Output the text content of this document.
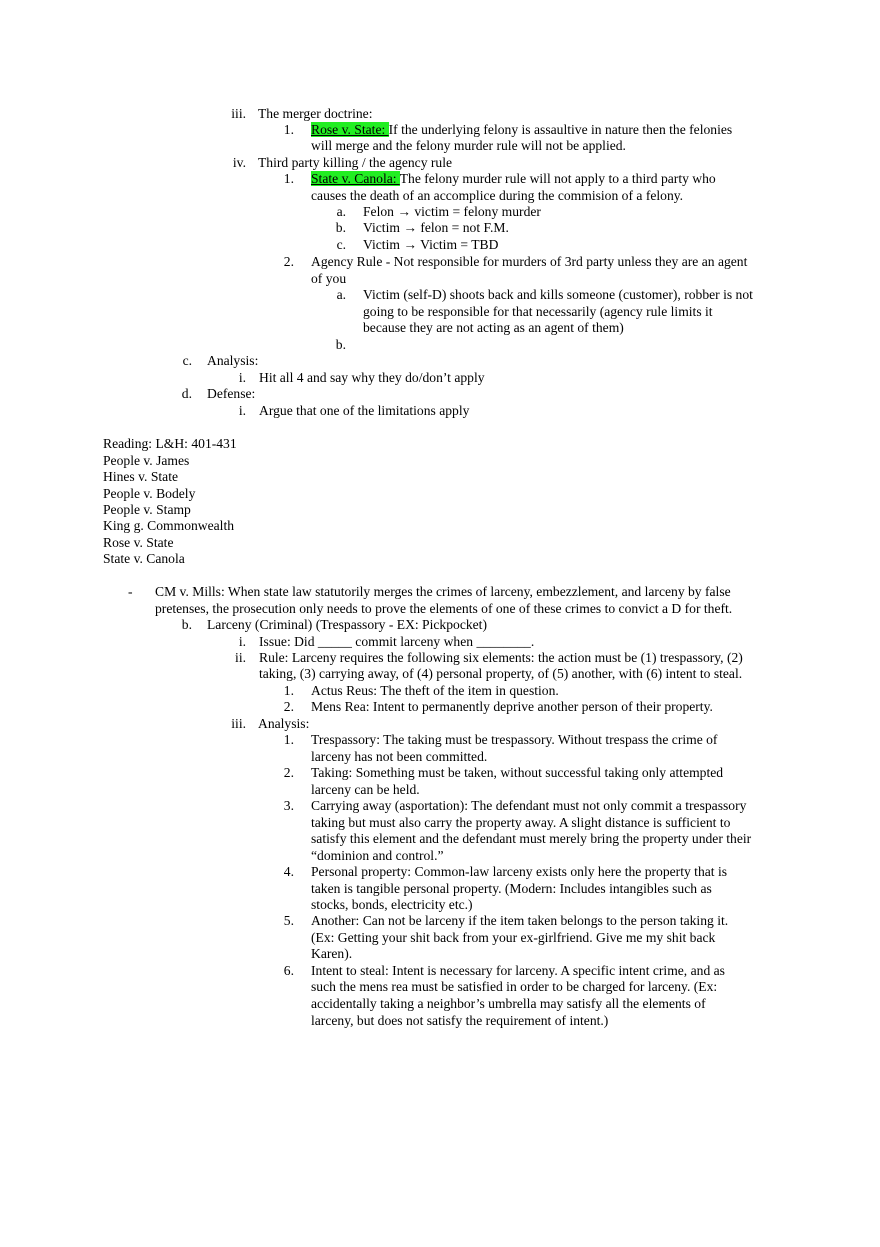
iii. The merger doctrine:
1. Rose v. State: If the underlying felony is assaultive in nature then the felonies
will merge and the felony murder rule will not be applied.
iv. Third party killing / the agency rule
1. State v. Canola: The felony murder rule will not apply to a third party who
causes the death of an accomplice during the commision of a felony.
a. Felon → victim = felony murder
b. Victim → felon = not F.M.
c. Victim → Victim = TBD
2. Agency Rule - Not responsible for murders of 3rd party unless they are an agent
of you
a. Victim (self-D) shoots back and kills someone (customer), robber is not
going to be responsible for that necessarily (agency rule limits it
because they are not acting as an agent of them)
b.
c. Analysis:
i. Hit all 4 and say why they do/don’t apply
d. Defense:
i. Argue that one of the limitations apply
Reading: L&H: 401-431
People v. James
Hines v. State
People v. Bodely
People v. Stamp
King g. Commonwealth
Rose v. State
State v. Canola
- CM v. Mills: When state law statutorily merges the crimes of larceny, embezzlement, and larceny by false
pretenses, the prosecution only needs to prove the elements of one of these crimes to convict a D for theft.
b. Larceny (Criminal) (Trespassory - EX: Pickpocket)
i. Issue: Did _____ commit larceny when ________.
ii. Rule: Larceny requires the following six elements: the action must be (1) trespassory, (2)
taking, (3) carrying away, of (4) personal property, of (5) another, with (6) intent to steal.
1. Actus Reus: The theft of the item in question.
2. Mens Rea: Intent to permanently deprive another person of their property.
iii. Analysis:
1. Trespassory: The taking must be trespassory. Without trespass the crime of
larceny has not been committed.
2. Taking: Something must be taken, without successful taking only attempted
larceny can be held.
3. Carrying away (asportation): The defendant must not only commit a trespassory
taking but must also carry the property away. A slight distance is sufficient to
satisfy this element and the defendant must merely bring the property under their
“dominion and control.”
4. Personal property: Common-law larceny exists only here the property that is
taken is tangible personal property. (Modern: Includes intangibles such as
stocks, bonds, electricity etc.)
5. Another: Can not be larceny if the item taken belongs to the person taking it.
(Ex: Getting your shit back from your ex-girlfriend. Give me my shit back
Karen).
6. Intent to steal: Intent is necessary for larceny. A specific intent crime, and as
such the mens rea must be satisfied in order to be charged for larceny. (Ex:
accidentally taking a neighbor’s umbrella may satisfy all the elements of
larceny, but does not satisfy the requirement of intent.)
